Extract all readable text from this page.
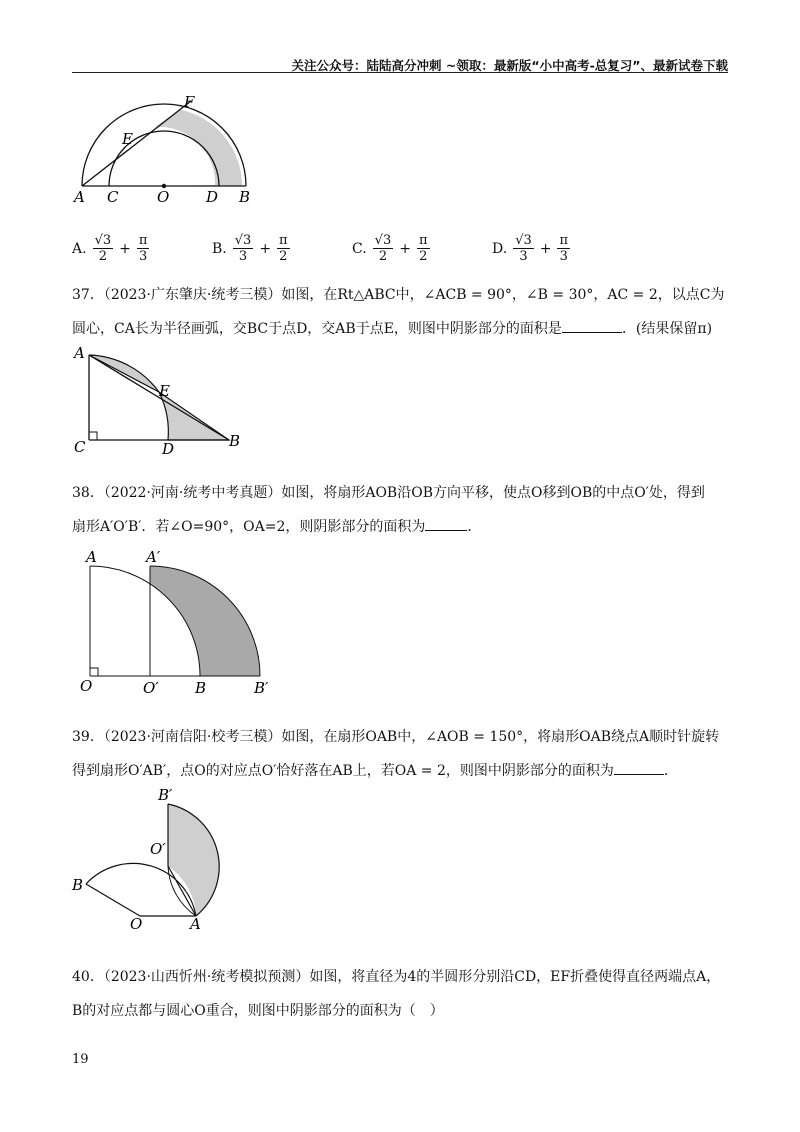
关注公众号：陆陆高分冲刺 ~领取：最新版“小中高考-总复习”、最新试卷下载
A C	O D B
E
F
A. $\frac{√3}{2} + \frac{\pi}{3}$	B. $\frac{√3}{3} + \frac{\pi}{2}$	C. $\frac{√3}{2} + \frac{\pi}{2}$	D. $\frac{√3}{3} + \frac{\pi}{3}$
37．（2023·广东肇庆·统考三模）如图，在Rt△ABC中，∠ACB = 90°，∠B = 30°，AC = 2，以点C为
圆心，CA长为半径画弧，交BC于点D，交AB于点E，则图中阴影部分的面积是	．(结果保留π)
A
E
C	D	B
38．（2022·河南·统考中考真题）如图，将扇形AOB沿OB方向平移，使点O移到OB的中点O′处，得到
扇形A′O′B′．若∠O=90°，OA=2，则阴影部分的面积为	．
A	A′
O	O′ B	B′
39．（2023·河南信阳·校考三模）如图，在扇形OAB中，∠AOB = 150°，将扇形OAB绕点A顺时针旋转
得到扇形O′AB′，点O的对应点O′恰好落在AB上，若OA = 2，则图中阴影部分的面积为	．
B′
O′
B
O	A
40．（2023·山西忻州·统考模拟预测）如图，将直径为4的半圆形分别沿CD，EF折叠使得直径两端点A，
B的对应点都与圆心O重合，则图中阴影部分的面积为（　）
19
